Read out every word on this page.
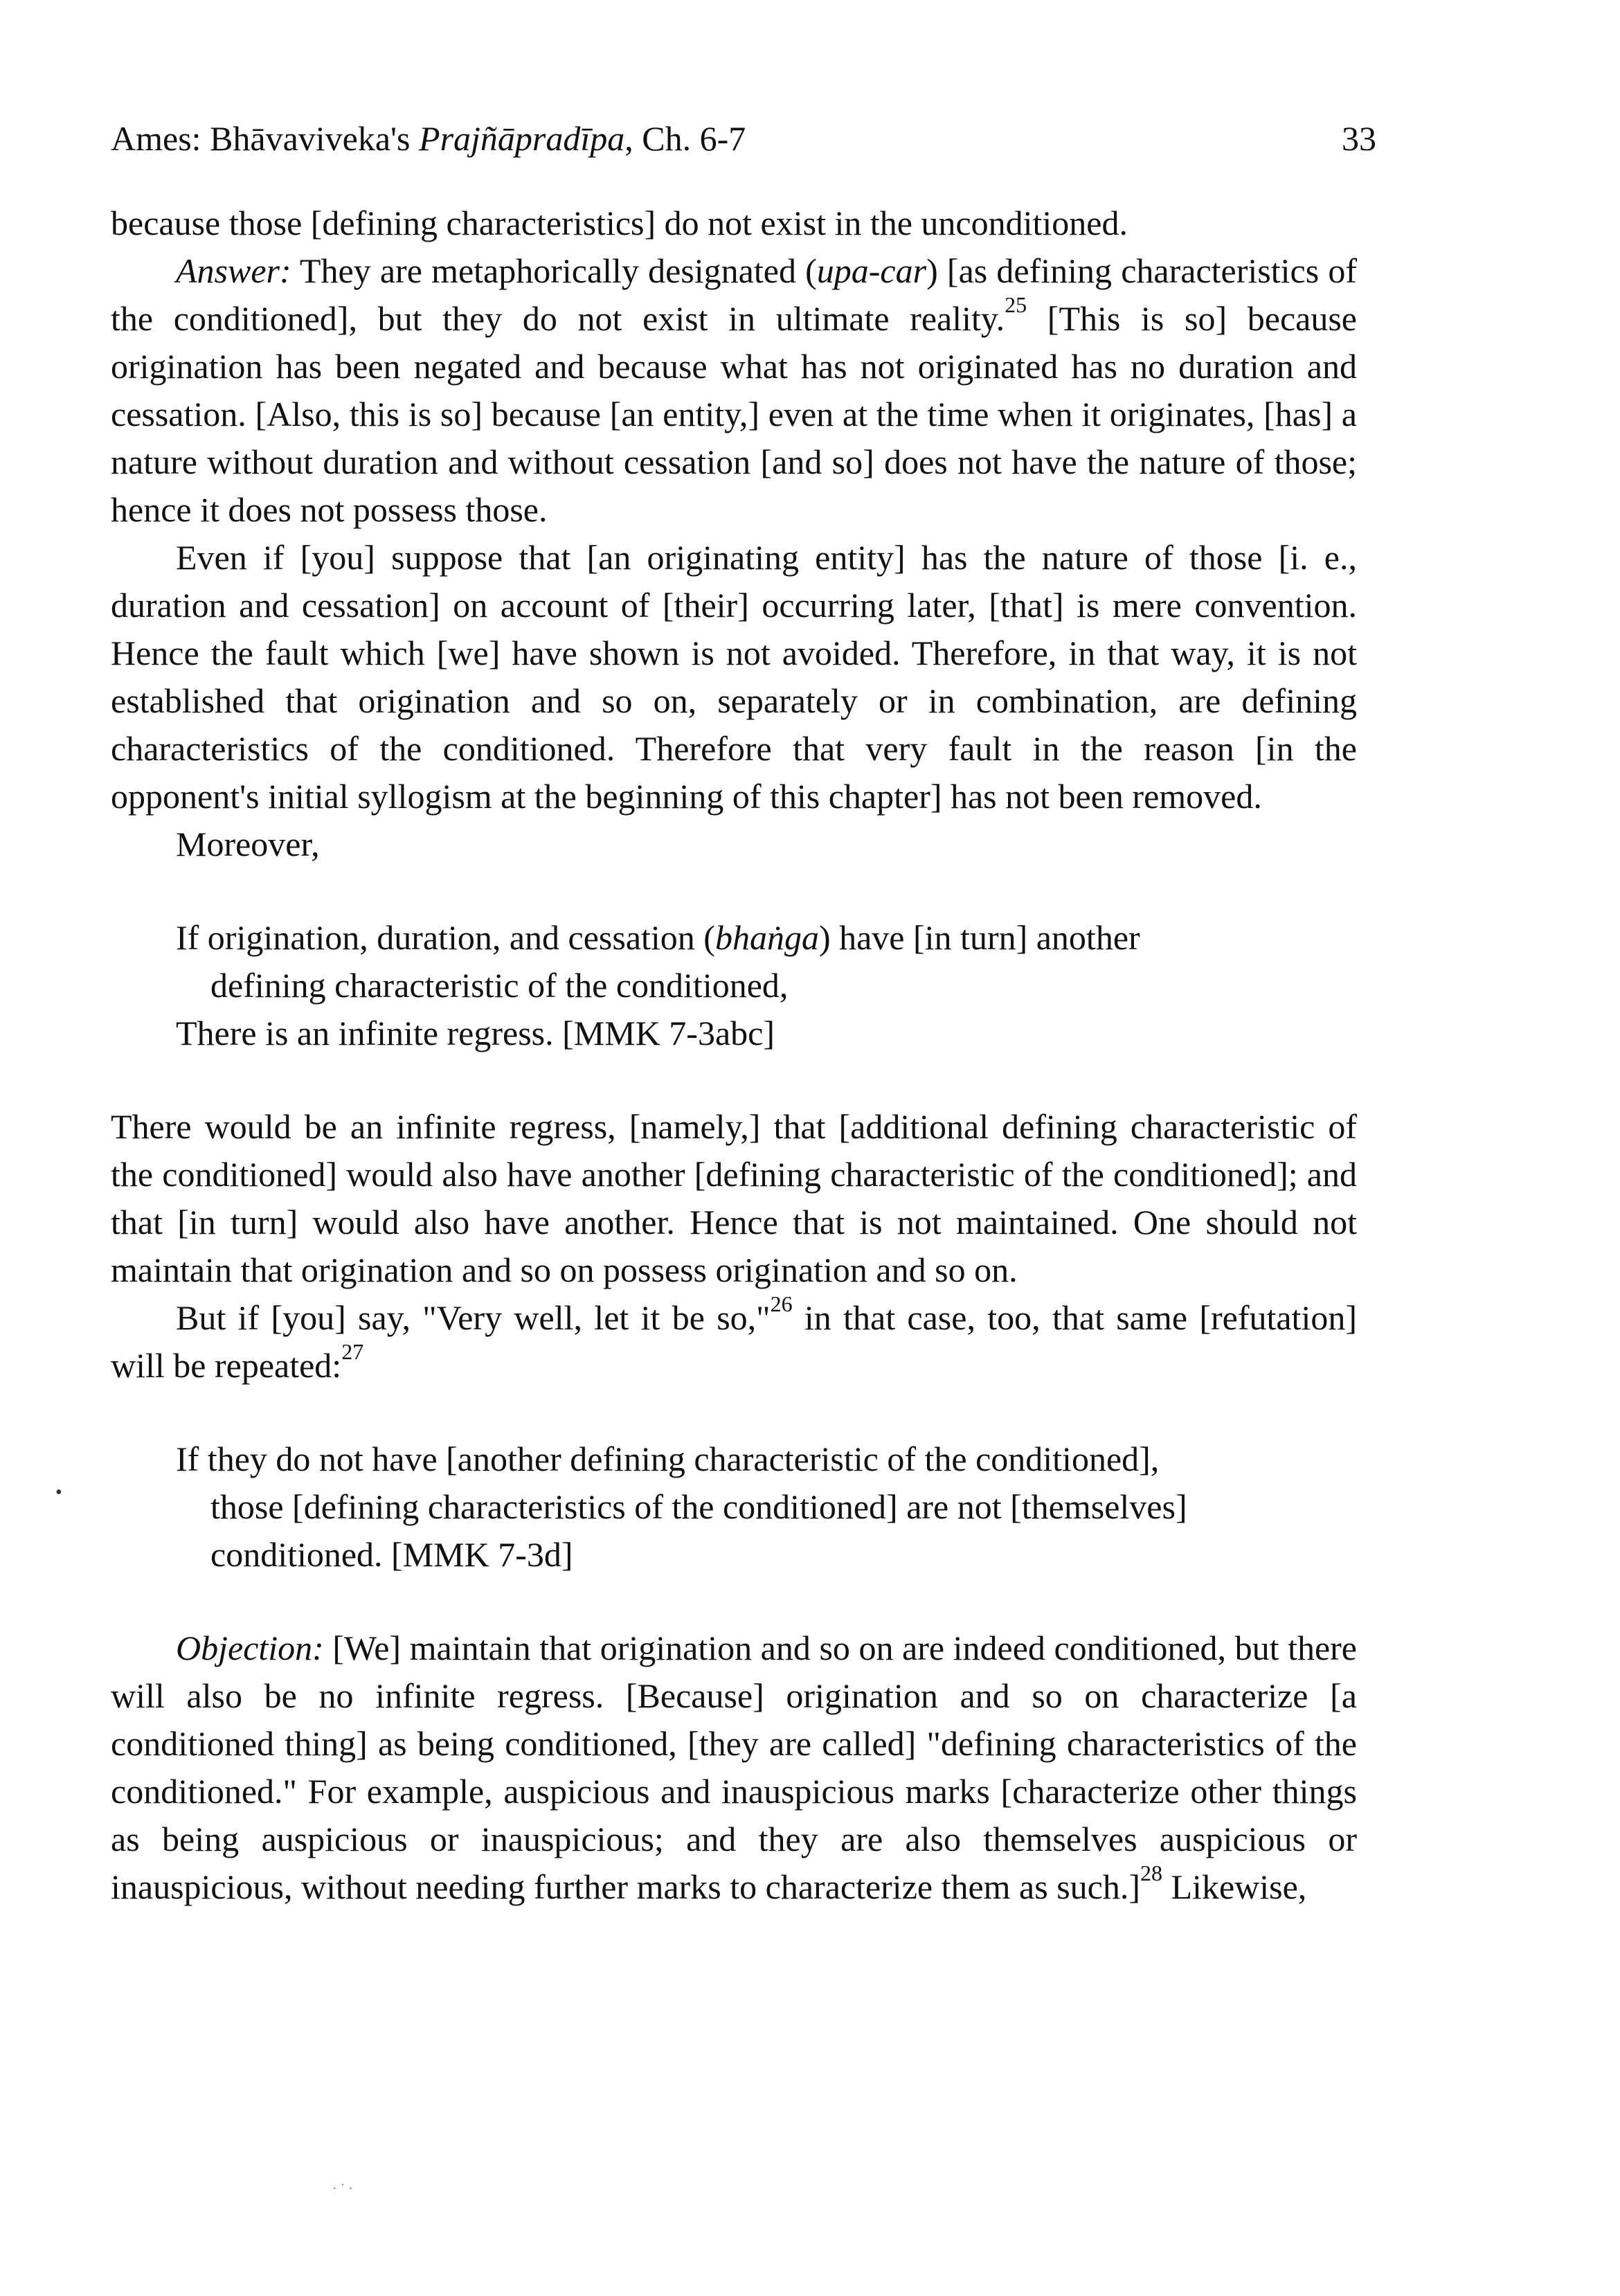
Ames: Bhāvaviveka's Prajñāpradīpa, Ch. 6-7	33

because those [defining characteristics] do not exist in the unconditioned.

Answer: They are metaphorically designated (upa-car) [as defining characteristics of the conditioned], but they do not exist in ultimate reality.$^{25}$ [This is so] because origination has been negated and because what has not originated has no duration and cessation. [Also, this is so] because [an entity,] even at the time when it originates, [has] a nature without duration and without cessation [and so] does not have the nature of those; hence it does not possess those.

Even if [you] suppose that [an originating entity] has the nature of those [i. e., duration and cessation] on account of [their] occurring later, [that] is mere convention. Hence the fault which [we] have shown is not avoided. Therefore, in that way, it is not established that origination and so on, separately or in combination, are defining characteristics of the conditioned. Therefore that very fault in the reason [in the opponent's initial syllogism at the beginning of this chapter] has not been removed.

Moreover,

If origination, duration, and cessation (bhaṅga) have [in turn] another
defining characteristic of the conditioned,
There is an infinite regress. [MMK 7-3abc]

There would be an infinite regress, [namely,] that [additional defining characteristic of the conditioned] would also have another [defining characteristic of the conditioned]; and that [in turn] would also have another. Hence that is not maintained. One should not maintain that origination and so on possess origination and so on.

But if [you] say, "Very well, let it be so,"$^{26}$ in that case, too, that same [refutation] will be repeated:$^{27}$

If they do not have [another defining characteristic of the conditioned],
those [defining characteristics of the conditioned] are not [themselves]
conditioned. [MMK 7-3d]

Objection: [We] maintain that origination and so on are indeed conditioned, but there will also be no infinite regress. [Because] origination and so on characterize [a conditioned thing] as being conditioned, [they are called] "defining characteristics of the conditioned." For example, auspicious and inauspicious marks [characterize other things as being auspicious or inauspicious; and they are also themselves auspicious or inauspicious, without needing further marks to characterize them as such.]$^{28}$ Likewise,

•
· ˙ ·
